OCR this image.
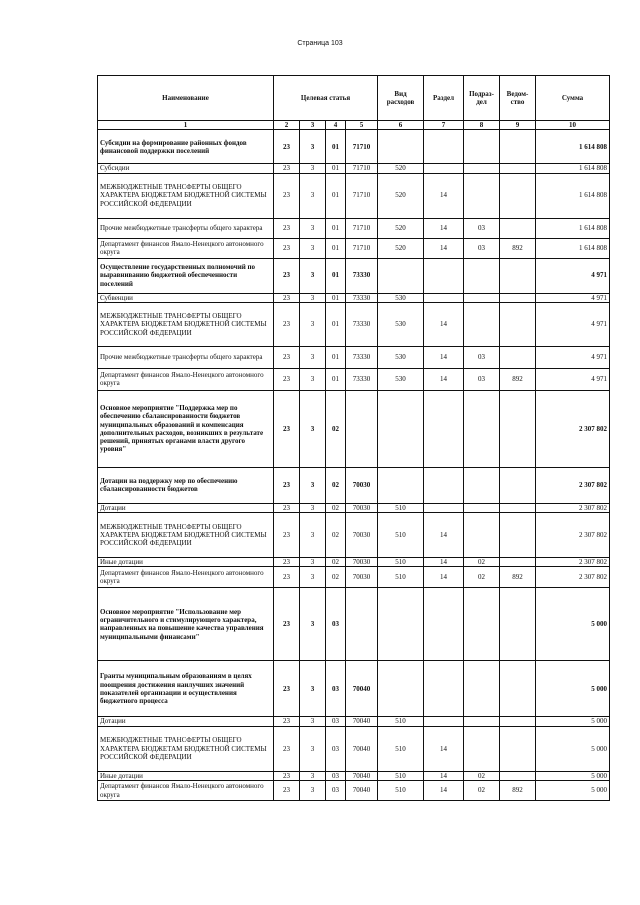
Страница 103
Наименование	Целевая статья				Вид расходов	Раздел	Подраз-дел	Ведом-ство	Сумма
1	2	3	4	5	6	7	8	9	10
Субсидии на формирование районных фондов финансовой поддержки поселений	23	3	01	71710					1 614 808
Субсидии	23	3	01	71710	520				1 614 808
МЕЖБЮДЖЕТНЫЕ ТРАНСФЕРТЫ ОБЩЕГО ХАРАКТЕРА БЮДЖЕТАМ БЮДЖЕТНОЙ СИСТЕМЫ РОССИЙСКОЙ ФЕДЕРАЦИИ	23	3	01	71710	520	14			1 614 808
Прочие межбюджетные трансферты общего характера	23	3	01	71710	520	14	03		1 614 808
Департамент финансов Ямало-Ненецкого автономного округа	23	3	01	71710	520	14	03	892	1 614 808
Осуществление государственных полномочий по выравниванию бюджетной обеспеченности поселений	23	3	01	73330					4 971
Субвенции	23	3	01	73330	530				4 971
МЕЖБЮДЖЕТНЫЕ ТРАНСФЕРТЫ ОБЩЕГО ХАРАКТЕРА БЮДЖЕТАМ БЮДЖЕТНОЙ СИСТЕМЫ РОССИЙСКОЙ ФЕДЕРАЦИИ	23	3	01	73330	530	14			4 971
Прочие межбюджетные трансферты общего характера	23	3	01	73330	530	14	03		4 971
Департамент финансов Ямало-Ненецкого автономного округа	23	3	01	73330	530	14	03	892	4 971
Основное мероприятие "Поддержка мер по обеспечению сбалансированности бюджетов муниципальных образований и компенсация дополнительных расходов, возникших в результате решений, принятых органами власти другого уровня"	23	3	02						2 307 802
Дотации на поддержку мер по обеспечению сбалансированности бюджетов	23	3	02	70030					2 307 802
Дотации	23	3	02	70030	510				2 307 802
МЕЖБЮДЖЕТНЫЕ ТРАНСФЕРТЫ ОБЩЕГО ХАРАКТЕРА БЮДЖЕТАМ БЮДЖЕТНОЙ СИСТЕМЫ РОССИЙСКОЙ ФЕДЕРАЦИИ	23	3	02	70030	510	14			2 307 802
Иные дотации	23	3	02	70030	510	14	02		2 307 802
Департамент финансов Ямало-Ненецкого автономного округа	23	3	02	70030	510	14	02	892	2 307 802
Основное мероприятие "Использование мер ограничительного и стимулирующего характера, направленных на повышение качества управления муниципальными финансами"	23	3	03						5 000
Гранты муниципальным образованиям в целях поощрения достижения наилучших значений показателей организации и осуществления бюджетного процесса	23	3	03	70040					5 000
Дотации	23	3	03	70040	510				5 000
МЕЖБЮДЖЕТНЫЕ ТРАНСФЕРТЫ ОБЩЕГО ХАРАКТЕРА БЮДЖЕТАМ БЮДЖЕТНОЙ СИСТЕМЫ РОССИЙСКОЙ ФЕДЕРАЦИИ	23	3	03	70040	510	14			5 000
Иные дотации	23	3	03	70040	510	14	02		5 000
Департамент финансов Ямало-Ненецкого автономного округа	23	3	03	70040	510	14	02	892	5 000
